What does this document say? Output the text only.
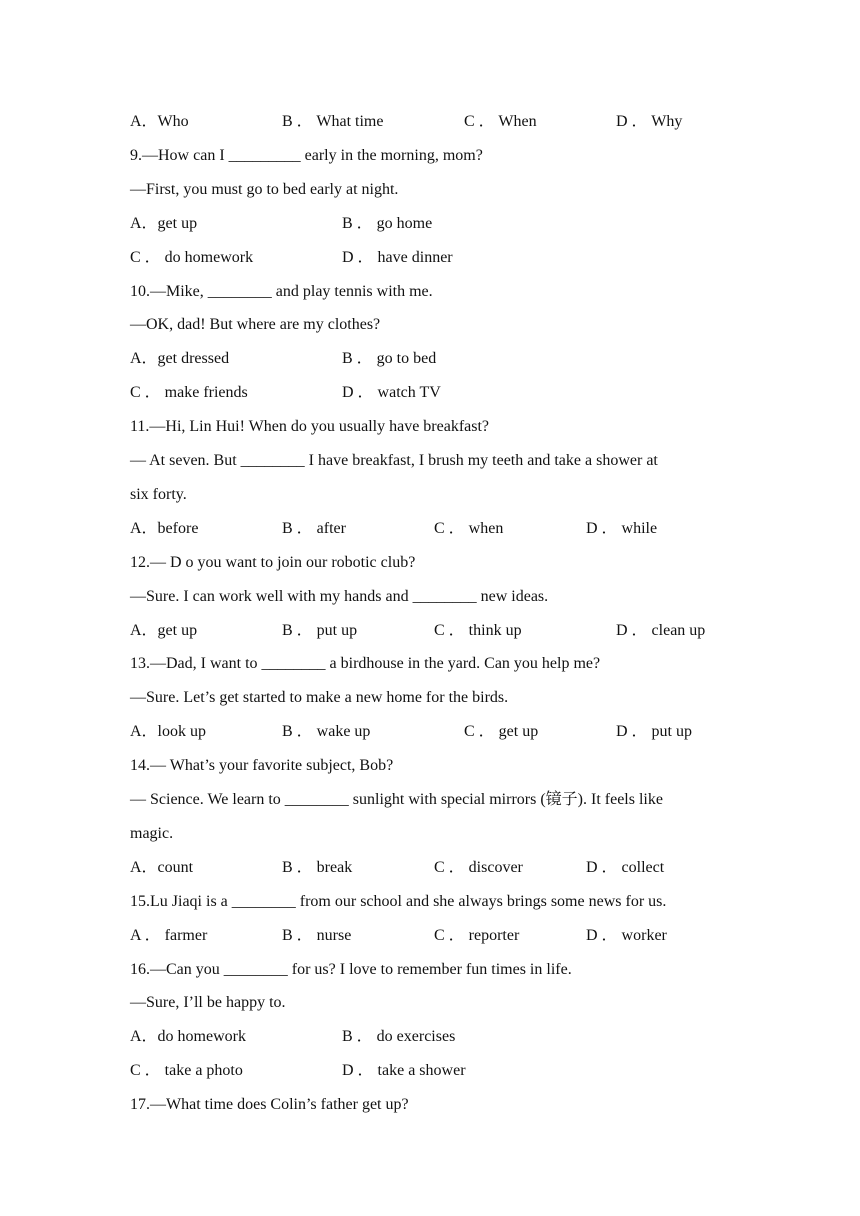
A．Who	B ． What time	C ． When	D ． Why
9.—How can I _________ early in the morning, mom?
—First, you must go to bed early at night.
A．get up	B ． go home
C ． do homework	D ． have dinner
10.—Mike, ________ and play tennis with me.
—OK, dad! But where are my clothes?
A．get dressed	B ． go to bed
C ． make friends	D ． watch TV
11.—Hi, Lin Hui! When do you usually have breakfast?
— At seven. But ________ I have breakfast, I brush my teeth and take a shower at
six forty.
A．before	B ． after	C ． when	D ． while
12.— D o you want to join our robotic club?
—Sure. I can work well with my hands and ________ new ideas.
A．get up	B ． put up	C ． think up	D ． clean up
13.—Dad, I want to ________ a birdhouse in the yard. Can you help me?
—Sure. Let’s get started to make a new home for the birds.
A．look up	B ． wake up	C ． get up	D ． put up
14.— What’s your favorite subject, Bob?
— Science. We learn to ________ sunlight with special mirrors (镜子). It feels like
magic.
A．count	B ． break	C ． discover	D ． collect
15.Lu Jiaqi is a ________ from our school and she always brings some news for us.
A ． farmer	B ． nurse	C ． reporter	D ． worker
16.—Can you ________ for us? I love to remember fun times in life.
—Sure, I’ll be happy to.
A．do homework	B ． do exercises
C ． take a photo	D ． take a shower
17.—What time does Colin’s father get up?
